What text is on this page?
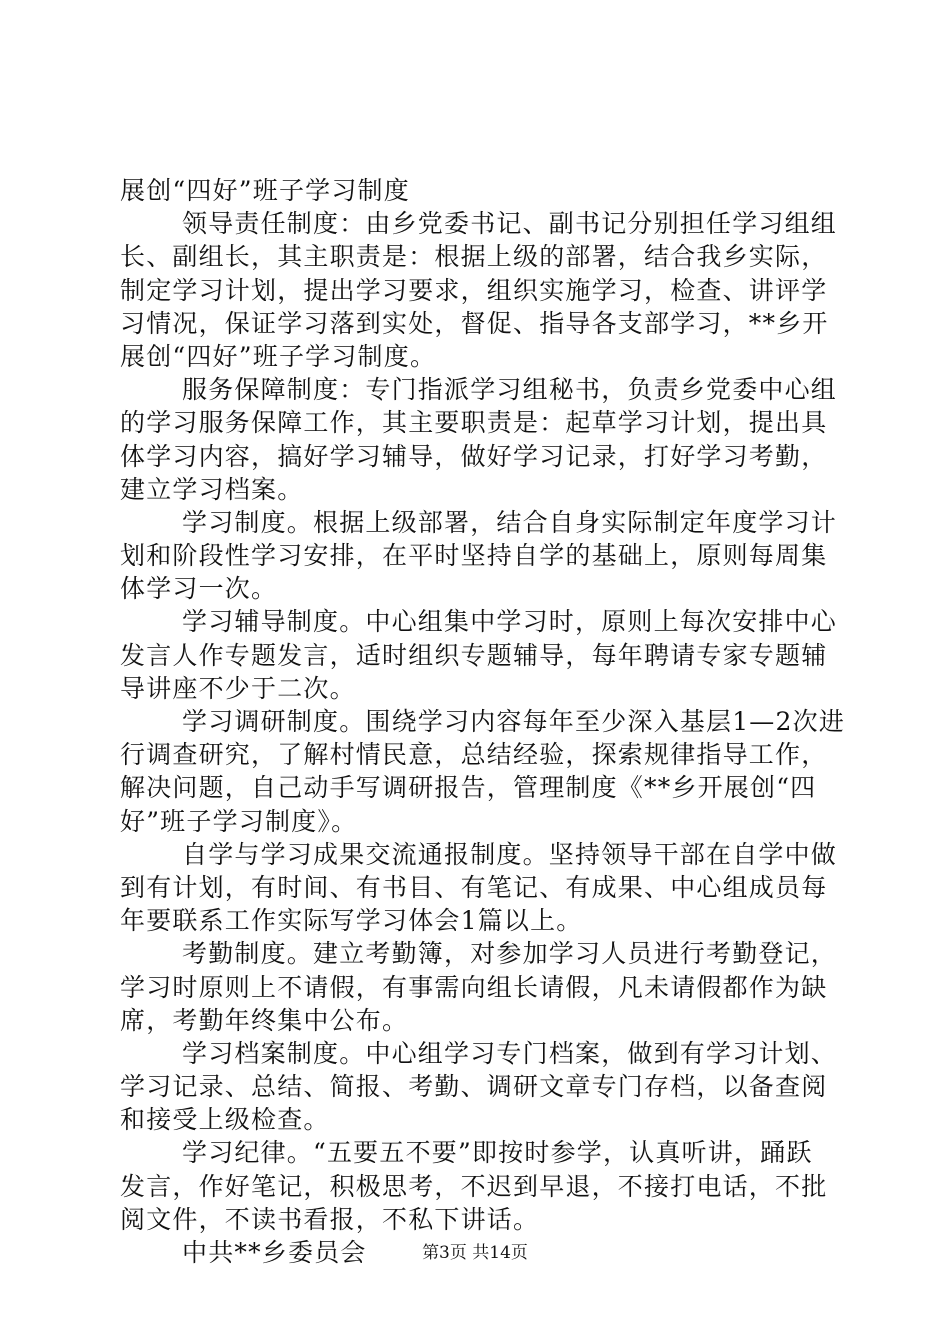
展创“四好”班子学习制度
领导责任制度：由乡党委书记、副书记分别担任学习组组
长、副组长，其主职责是：根据上级的部署，结合我乡实际，
制定学习计划，提出学习要求，组织实施学习，检查、讲评学
习情况，保证学习落到实处，督促、指导各支部学习，**乡开
展创“四好”班子学习制度。
服务保障制度：专门指派学习组秘书，负责乡党委中心组
的学习服务保障工作，其主要职责是：起草学习计划，提出具
体学习内容，搞好学习辅导，做好学习记录，打好学习考勤，
建立学习档案。
学习制度。根据上级部署，结合自身实际制定年度学习计
划和阶段性学习安排，在平时坚持自学的基础上，原则每周集
体学习一次。
学习辅导制度。中心组集中学习时，原则上每次安排中心
发言人作专题发言，适时组织专题辅导，每年聘请专家专题辅
导讲座不少于二次。
学习调研制度。围绕学习内容每年至少深入基层1—2次进
行调查研究，了解村情民意，总结经验，探索规律指导工作，
解决问题，自己动手写调研报告，管理制度《**乡开展创“四
好”班子学习制度》。
自学与学习成果交流通报制度。坚持领导干部在自学中做
到有计划，有时间、有书目、有笔记、有成果、中心组成员每
年要联系工作实际写学习体会1篇以上。
考勤制度。建立考勤簿，对参加学习人员进行考勤登记，
学习时原则上不请假，有事需向组长请假，凡未请假都作为缺
席，考勤年终集中公布。
学习档案制度。中心组学习专门档案，做到有学习计划、
学习记录、总结、简报、考勤、调研文章专门存档，以备查阅
和接受上级检查。
学习纪律。“五要五不要”即按时参学，认真听讲，踊跃
发言，作好笔记，积极思考，不迟到早退，不接打电话，不批
阅文件，不读书看报，不私下讲话。
中共**乡委员会	第3页 共14页
